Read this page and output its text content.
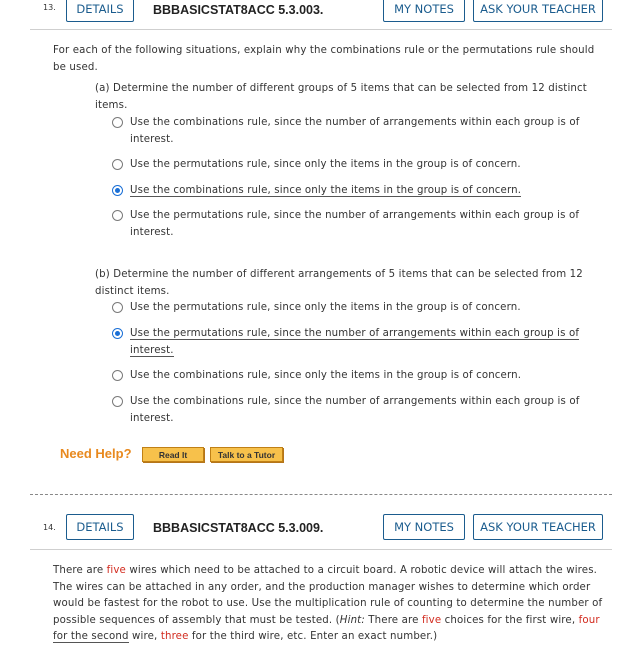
13.	DETAILS	BBBASICSTAT8ACC 5.3.003.	MY NOTES	ASK YOUR TEACHER
For each of the following situations, explain why the combinations rule or the permutations rule should
be used.
(a) Determine the number of different groups of 5 items that can be selected from 12 distinct
items.
Use the combinations rule, since the number of arrangements within each group is of
interest.
Use the permutations rule, since only the items in the group is of concern.
Use the combinations rule, since only the items in the group is of concern.
Use the permutations rule, since the number of arrangements within each group is of
interest.
(b) Determine the number of different arrangements of 5 items that can be selected from 12
distinct items.
Use the permutations rule, since only the items in the group is of concern.
Use the permutations rule, since the number of arrangements within each group is of
interest.
Use the combinations rule, since only the items in the group is of concern.
Use the combinations rule, since the number of arrangements within each group is of
interest.
Need Help?	Read It	Talk to a Tutor
14.	DETAILS	BBBASICSTAT8ACC 5.3.009.	MY NOTES	ASK YOUR TEACHER
There are five wires which need to be attached to a circuit board. A robotic device will attach the wires.
The wires can be attached in any order, and the production manager wishes to determine which order
would be fastest for the robot to use. Use the multiplication rule of counting to determine the number of
possible sequences of assembly that must be tested. (Hint: There are five choices for the first wire, four
for the second wire, three for the third wire, etc. Enter an exact number.)
